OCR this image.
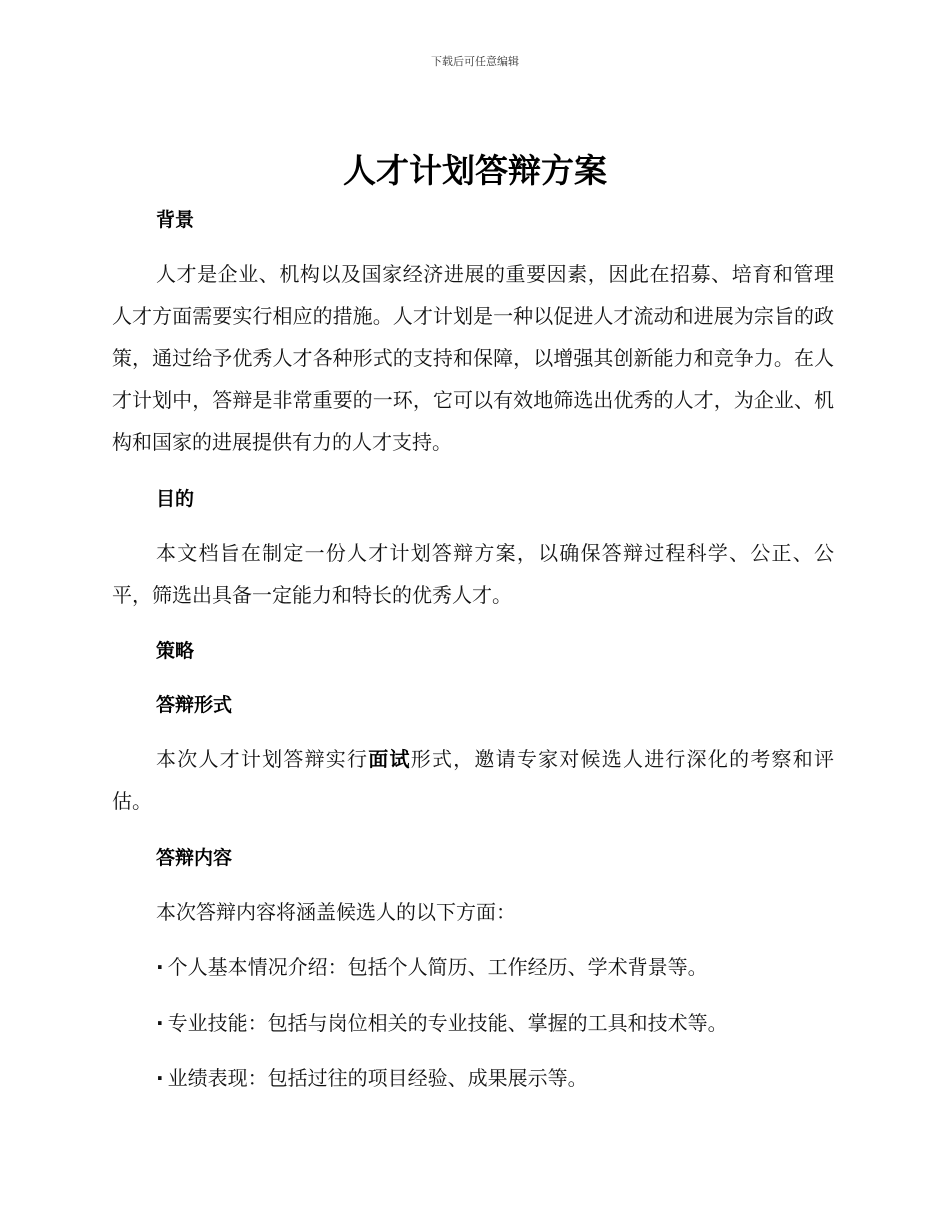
下载后可任意编辑
人才计划答辩方案
背景
人才是企业、机构以及国家经济进展的重要因素，因此在招募、培育和管理人才方面需要实行相应的措施。人才计划是一种以促进人才流动和进展为宗旨的政策，通过给予优秀人才各种形式的支持和保障，以增强其创新能力和竞争力。在人才计划中，答辩是非常重要的一环，它可以有效地筛选出优秀的人才，为企业、机构和国家的进展提供有力的人才支持。
目的
本文档旨在制定一份人才计划答辩方案，以确保答辩过程科学、公正、公平，筛选出具备一定能力和特长的优秀人才。
策略
答辩形式
本次人才计划答辩实行面试形式，邀请专家对候选人进行深化的考察和评估。
答辩内容
本次答辩内容将涵盖候选人的以下方面：
· 个人基本情况介绍：包括个人简历、工作经历、学术背景等。
· 专业技能：包括与岗位相关的专业技能、掌握的工具和技术等。
· 业绩表现：包括过往的项目经验、成果展示等。
